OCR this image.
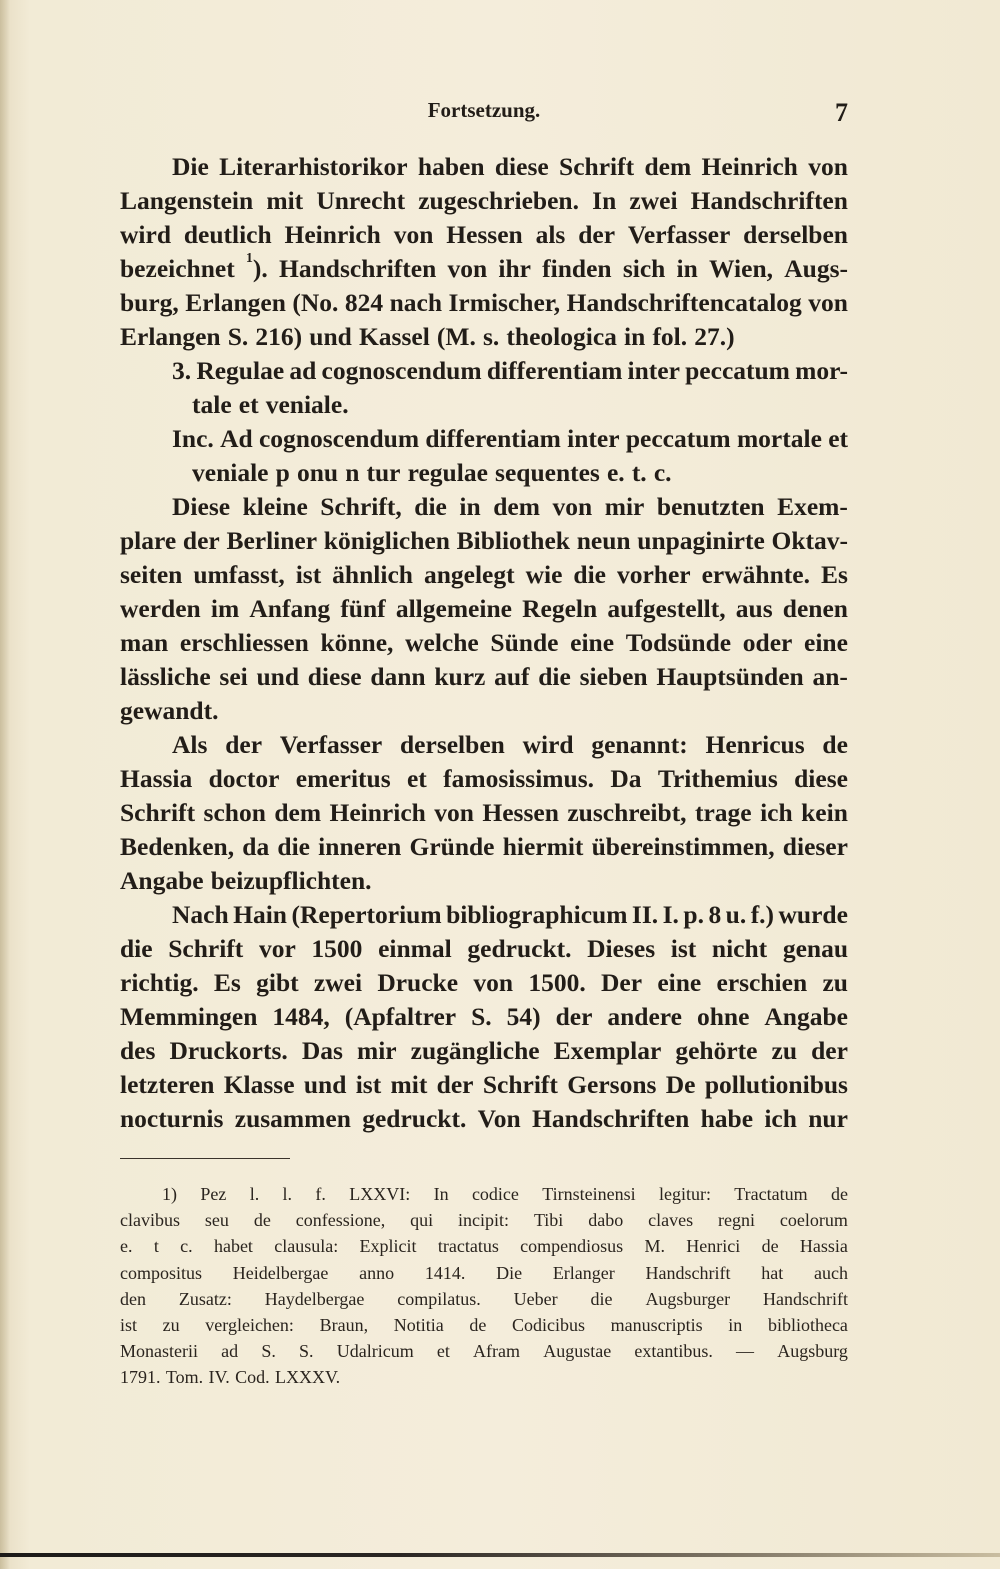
Fortsetzung.	7
Die Literarhistorikor haben diese Schrift dem Heinrich von
Langenstein mit Unrecht zugeschrieben. In zwei Handschriften
wird deutlich Heinrich von Hessen als der Verfasser derselben
bezeichnet $^1$). Handschriften von ihr finden sich in Wien, Augs-
burg, Erlangen (No. 824 nach Irmischer, Handschriftencatalog von
Erlangen S. 216) und Kassel (M. s. theologica in fol. 27.)
3. Regulae ad cognoscendum differentiam inter peccatum mor-
tale et veniale.
Inc. Ad cognoscendum differentiam inter peccatum mortale et
veniale p onu n tur regulae sequentes e. t. c.
Diese kleine Schrift, die in dem von mir benutzten Exem-
plare der Berliner königlichen Bibliothek neun unpaginirte Oktav-
seiten umfasst, ist ähnlich angelegt wie die vorher erwähnte. Es
werden im Anfang fünf allgemeine Regeln aufgestellt, aus denen
man erschliessen könne, welche Sünde eine Todsünde oder eine
lässliche sei und diese dann kurz auf die sieben Hauptsünden an-
gewandt.
Als der Verfasser derselben wird genannt: Henricus de
Hassia doctor emeritus et famosissimus. Da Trithemius diese
Schrift schon dem Heinrich von Hessen zuschreibt, trage ich kein
Bedenken, da die inneren Gründe hiermit übereinstimmen, dieser
Angabe beizupflichten.
Nach Hain (Repertorium bibliographicum II. I. p. 8 u. f.) wurde
die Schrift vor 1500 einmal gedruckt. Dieses ist nicht genau
richtig. Es gibt zwei Drucke von 1500. Der eine erschien zu
Memmingen 1484, (Apfaltrer S. 54) der andere ohne Angabe
des Druckorts. Das mir zugängliche Exemplar gehörte zu der
letzteren Klasse und ist mit der Schrift Gersons De pollutionibus
nocturnis zusammen gedruckt. Von Handschriften habe ich nur
1) Pez l. l. f. LXXVI: In codice Tirnsteinensi legitur: Tractatum de
clavibus seu de confessione, qui incipit: Tibi dabo claves regni coelorum
e. t c. habet clausula: Explicit tractatus compendiosus M. Henrici de Hassia
compositus Heidelbergae anno 1414. Die Erlanger Handschrift hat auch
den Zusatz: Haydelbergae compilatus. Ueber die Augsburger Handschrift
ist zu vergleichen: Braun, Notitia de Codicibus manuscriptis in bibliotheca
Monasterii ad S. S. Udalricum et Afram Augustae extantibus. — Augsburg
1791. Tom. IV. Cod. LXXXV.
